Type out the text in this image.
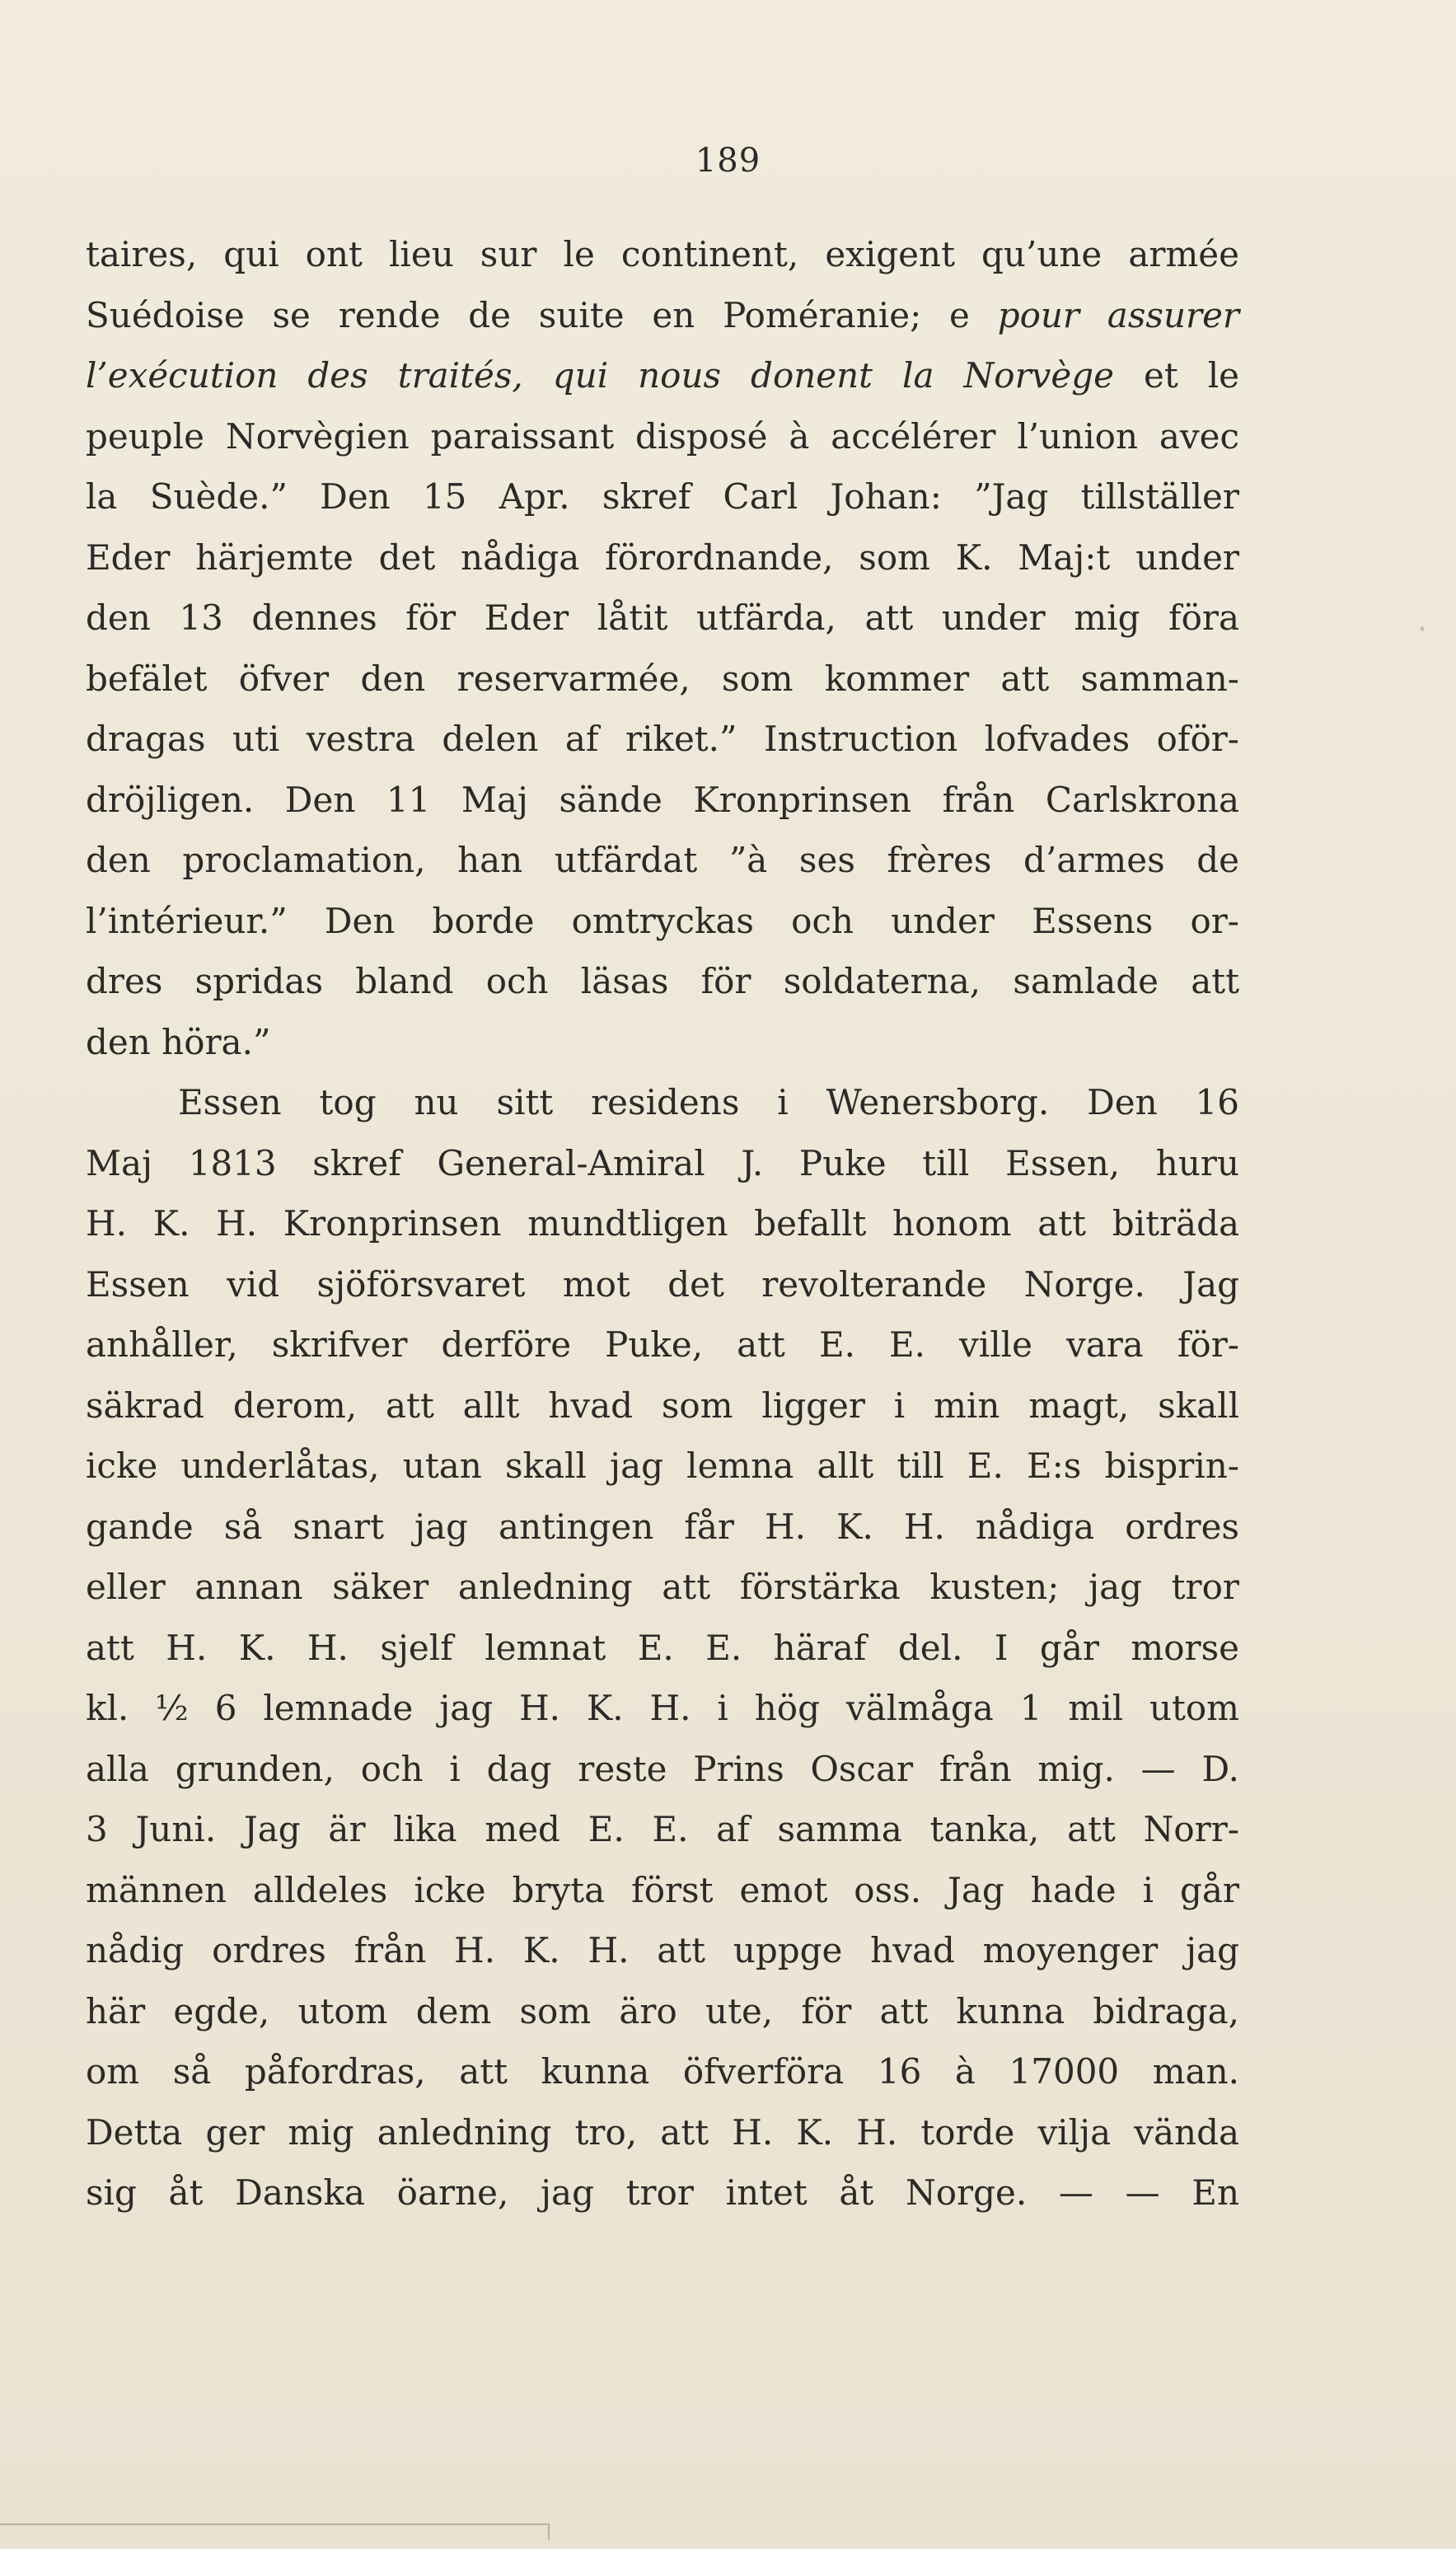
189
taires, qui ont lieu sur le continent, exigent qu’une armée
Suédoise se rende de suite en Poméranie; e pour assurer
l’exécution des traités, qui nous donent la Norvège et le
peuple Norvègien paraissant disposé à accélérer l’union avec
la Suède.” Den 15 Apr. skref Carl Johan: ”Jag tillställer
Eder härjemte det nådiga förordnande, som K. Maj:t under
den 13 dennes för Eder låtit utfärda, att under mig föra
befälet öfver den reservarmée, som kommer att samman-
dragas uti vestra delen af riket.” Instruction lofvades oför-
dröjligen. Den 11 Maj sände Kronprinsen från Carlskrona
den proclamation, han utfärdat ”à ses frères d’armes de
l’intérieur.” Den borde omtryckas och under Essens or-
dres spridas bland och läsas för soldaterna, samlade att
den höra.”
Essen tog nu sitt residens i Wenersborg. Den 16
Maj 1813 skref General-Amiral J. Puke till Essen, huru
H. K. H. Kronprinsen mundtligen befallt honom att biträda
Essen vid sjöförsvaret mot det revolterande Norge. Jag
anhåller, skrifver derföre Puke, att E. E. ville vara för-
säkrad derom, att allt hvad som ligger i min magt, skall
icke underlåtas, utan skall jag lemna allt till E. E:s bisprin-
gande så snart jag antingen får H. K. H. nådiga ordres
eller annan säker anledning att förstärka kusten; jag tror
att H. K. H. sjelf lemnat E. E. häraf del. I går morse
kl. ½ 6 lemnade jag H. K. H. i hög välmåga 1 mil utom
alla grunden, och i dag reste Prins Oscar från mig. — D.
3 Juni. Jag är lika med E. E. af samma tanka, att Norr-
männen alldeles icke bryta först emot oss. Jag hade i går
nådig ordres från H. K. H. att uppge hvad moyenger jag
här egde, utom dem som äro ute, för att kunna bidraga,
om så påfordras, att kunna öfverföra 16 à 17000 man.
Detta ger mig anledning tro, att H. K. H. torde vilja vända
sig åt Danska öarne, jag tror intet åt Norge. — — En
